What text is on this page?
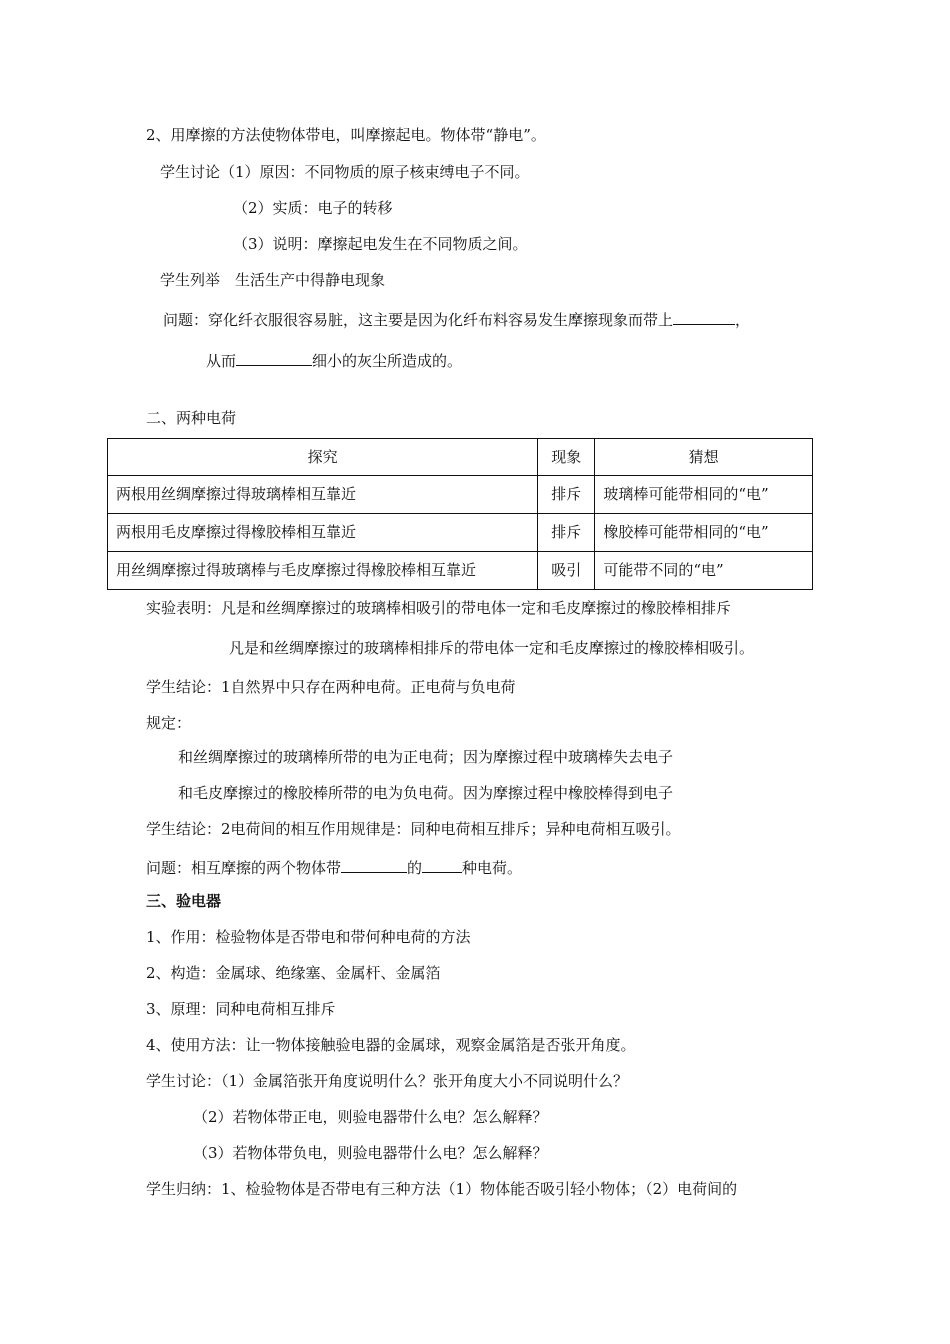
2、用摩擦的方法使物体带电，叫摩擦起电。物体带“静电”。
学生讨论（1）原因：不同物质的原子核束缚电子不同。
（2）实质：电子的转移
（3）说明：摩擦起电发生在不同物质之间。
学生列举　生活生产中得静电现象
问题：穿化纤衣服很容易脏，这主要是因为化纤布料容易发生摩擦现象而带上	，
从而	细小的灰尘所造成的。
二、两种电荷
探究	现象	猜想
两根用丝绸摩擦过得玻璃棒相互靠近	排斥	玻璃棒可能带相同的“电”
两根用毛皮摩擦过得橡胶棒相互靠近	排斥	橡胶棒可能带相同的“电”
用丝绸摩擦过得玻璃棒与毛皮摩擦过得橡胶棒相互靠近	吸引	可能带不同的“电”
实验表明：凡是和丝绸摩擦过的玻璃棒相吸引的带电体一定和毛皮摩擦过的橡胶棒相排斥
凡是和丝绸摩擦过的玻璃棒相排斥的带电体一定和毛皮摩擦过的橡胶棒相吸引。
学生结论：1自然界中只存在两种电荷。正电荷与负电荷
规定：
和丝绸摩擦过的玻璃棒所带的电为正电荷；因为摩擦过程中玻璃棒失去电子
和毛皮摩擦过的橡胶棒所带的电为负电荷。因为摩擦过程中橡胶棒得到电子
学生结论：2电荷间的相互作用规律是：同种电荷相互排斥；异种电荷相互吸引。
问题：相互摩擦的两个物体带	的	种电荷。
三、验电器
1、作用：检验物体是否带电和带何种电荷的方法
2、构造：金属球、绝缘塞、金属杆、金属箔
3、原理：同种电荷相互排斥
4、使用方法：让一物体接触验电器的金属球，观察金属箔是否张开角度。
学生讨论：（1）金属箔张开角度说明什么？张开角度大小不同说明什么？
（2）若物体带正电，则验电器带什么电？怎么解释？
（3）若物体带负电，则验电器带什么电？怎么解释？
学生归纳：1、检验物体是否带电有三种方法（1）物体能否吸引轻小物体；（2）电荷间的
